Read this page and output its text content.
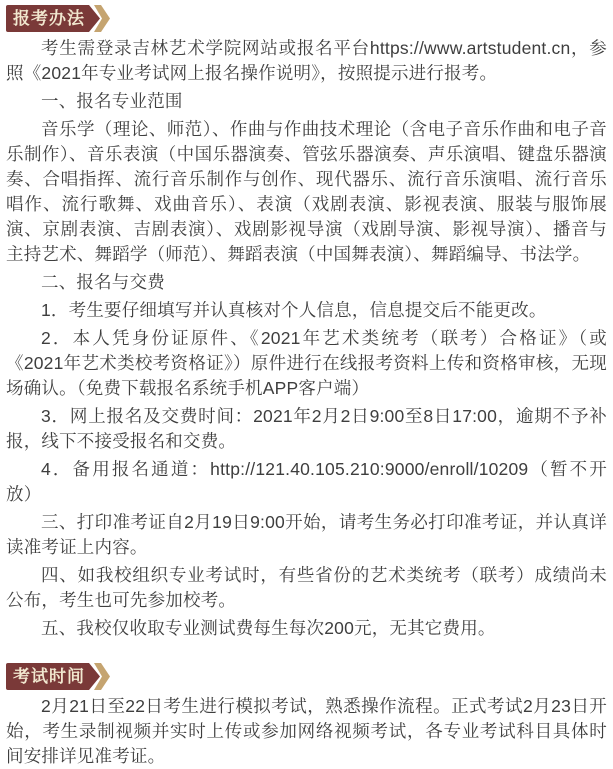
报考办法

考生需登录吉林艺术学院网站或报名平台https://www.artstudent.cn，参照《2021年专业考试网上报名操作说明》，按照提示进行报考。

一、报名专业范围

音乐学（理论、师范）、作曲与作曲技术理论（含电子音乐作曲和电子音乐制作）、音乐表演（中国乐器演奏、管弦乐器演奏、声乐演唱、键盘乐器演奏、合唱指挥、流行音乐制作与创作、现代器乐、流行音乐演唱、流行音乐唱作、流行歌舞、戏曲音乐）、表演（戏剧表演、影视表演、服装与服饰展演、京剧表演、吉剧表演）、戏剧影视导演（戏剧导演、影视导演）、播音与主持艺术、舞蹈学（师范）、舞蹈表演（中国舞表演）、舞蹈编导、书法学。

二、报名与交费

1．考生要仔细填写并认真核对个人信息，信息提交后不能更改。

2．本人凭身份证原件、《2021年艺术类统考（联考）合格证》（或《2021年艺术类校考资格证》）原件进行在线报考资料上传和资格审核，无现场确认。（免费下载报名系统手机APP客户端）

3．网上报名及交费时间：2021年2月2日9:00至8日17:00，逾期不予补报，线下不接受报名和交费。

4．备用报名通道：http://121.40.105.210:9000/enroll/10209（暂不开放）

三、打印准考证自2月19日9:00开始，请考生务必打印准考证，并认真详读准考证上内容。

四、如我校组织专业考试时，有些省份的艺术类统考（联考）成绩尚未公布，考生也可先参加校考。

五、我校仅收取专业测试费每生每次200元，无其它费用。

考试时间

2月21日至22日考生进行模拟考试，熟悉操作流程。正式考试2月23日开始，考生录制视频并实时上传或参加网络视频考试，各专业考试科目具体时间安排详见准考证。
